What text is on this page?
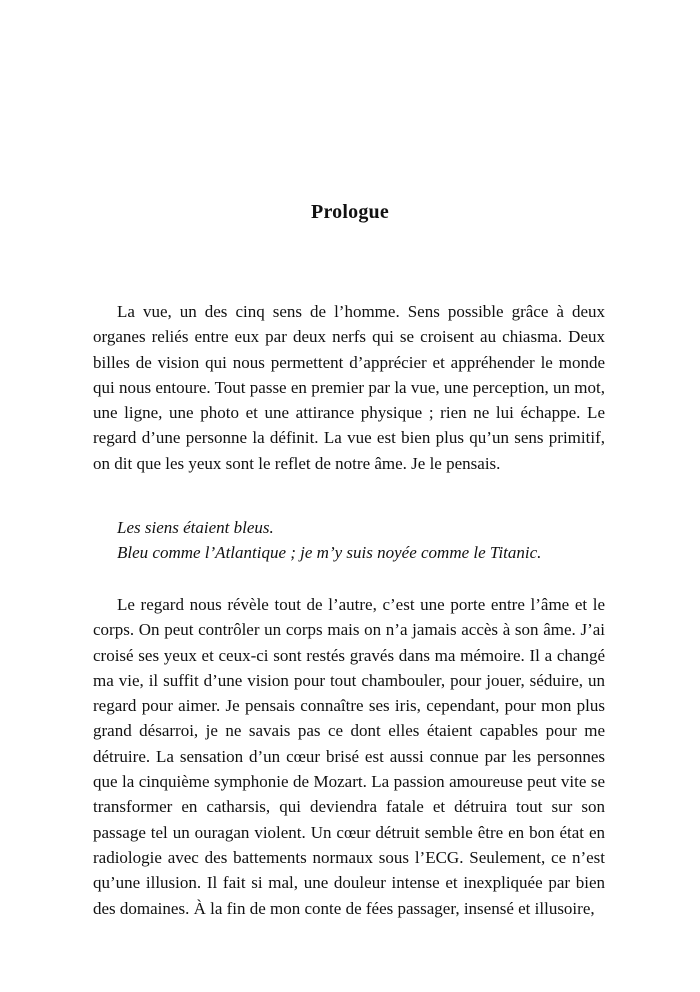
Prologue

La vue, un des cinq sens de l’homme. Sens possible grâce à deux organes reliés entre eux par deux nerfs qui se croisent au chiasma. Deux billes de vision qui nous permettent d’apprécier et appréhender le monde qui nous entoure. Tout passe en premier par la vue, une perception, un mot, une ligne, une photo et une attirance physique ; rien ne lui échappe. Le regard d’une personne la définit. La vue est bien plus qu’un sens primitif, on dit que les yeux sont le reflet de notre âme. Je le pensais.

Les siens étaient bleus.
Bleu comme l’Atlantique ; je m’y suis noyée comme le Titanic.

Le regard nous révèle tout de l’autre, c’est une porte entre l’âme et le corps. On peut contrôler un corps mais on n’a jamais accès à son âme. J’ai croisé ses yeux et ceux-ci sont restés gravés dans ma mémoire. Il a changé ma vie, il suffit d’une vision pour tout chambouler, pour jouer, séduire, un regard pour aimer. Je pensais connaître ses iris, cependant, pour mon plus grand désarroi, je ne savais pas ce dont elles étaient capables pour me détruire. La sensation d’un cœur brisé est aussi connue par les personnes que la cinquième symphonie de Mozart. La passion amoureuse peut vite se transformer en catharsis, qui deviendra fatale et détruira tout sur son passage tel un ouragan violent. Un cœur détruit semble être en bon état en radiologie avec des battements normaux sous l’ECG. Seulement, ce n’est qu’une illusion. Il fait si mal, une douleur intense et inexpliquée par bien des domaines. À la fin de mon conte de fées passager, insensé et illusoire,
